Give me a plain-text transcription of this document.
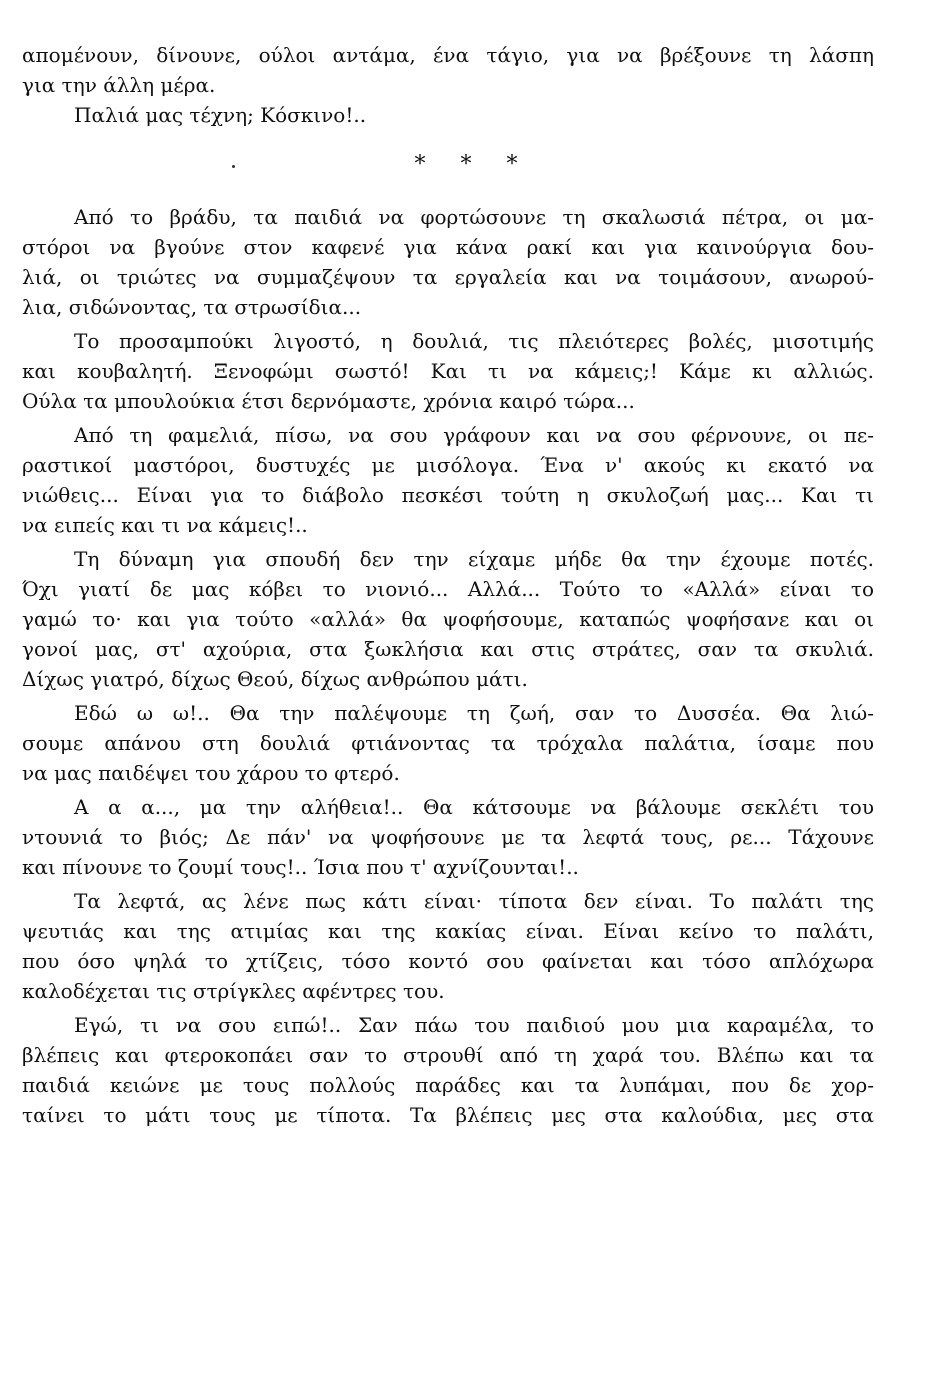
απομένουν, δίνουνε, ούλοι αντάμα, ένα τάγιο, για να βρέξουνε τη λάσπη
για την άλλη μέρα.
Παλιά μας τέχνη; Κόσκινο!..
* * *
Από το βράδυ, τα παιδιά να φορτώσουνε τη σκαλωσιά πέτρα, οι μα-
στόροι να βγούνε στον καφενέ για κάνα ρακί και για καινούργια δου-
λιά, οι τριώτες να συμμαζέψουν τα εργαλεία και να τοιμάσουν, ανωρού-
λια, σιδώνοντας, τα στρωσίδια...
Το προσαμπούκι λιγοστό, η δουλιά, τις πλειότερες βολές, μισοτιμής
και κουβαλητή. Ξενοφώμι σωστό! Και τι να κάμεις;! Κάμε κι αλλιώς.
Ούλα τα μπουλούκια έτσι δερνόμαστε, χρόνια καιρό τώρα...
Από τη φαμελιά, πίσω, να σου γράφουν και να σου φέρνουνε, οι πε-
ραστικοί μαστόροι, δυστυχές με μισόλογα. Ένα ν' ακούς κι εκατό να
νιώθεις... Είναι για το διάβολο πεσκέσι τούτη η σκυλοζωή μας... Και τι
να ειπείς και τι να κάμεις!..
Τη δύναμη για σπουδή δεν την είχαμε μήδε θα την έχουμε ποτές.
Όχι γιατί δε μας κόβει το νιονιό... Αλλά... Τούτο το «Αλλά» είναι το
γαμώ το· και για τούτο «αλλά» θα ψοφήσουμε, καταπώς ψοφήσανε και οι
γονοί μας, στ' αχούρια, στα ξωκλήσια και στις στράτες, σαν τα σκυλιά.
Δίχως γιατρό, δίχως Θεού, δίχως ανθρώπου μάτι.
Εδώ ω ω!.. Θα την παλέψουμε τη ζωή, σαν το Δυσσέα. Θα λιώ-
σουμε απάνου στη δουλιά φτιάνοντας τα τρόχαλα παλάτια, ίσαμε που
να μας παιδέψει του χάρου το φτερό.
Α α α..., μα την αλήθεια!.. Θα κάτσουμε να βάλουμε σεκλέτι του
ντουνιά το βιός; Δε πάν' να ψοφήσουνε με τα λεφτά τους, ρε... Τάχουνε
και πίνουνε το ζουμί τους!.. Ίσια που τ' αχνίζουνται!..
Τα λεφτά, ας λένε πως κάτι είναι· τίποτα δεν είναι. Το παλάτι της
ψευτιάς και της ατιμίας και της κακίας είναι. Είναι κείνο το παλάτι,
που όσο ψηλά το χτίζεις, τόσο κοντό σου φαίνεται και τόσο απλόχωρα
καλοδέχεται τις στρίγκλες αφέντρες του.
Εγώ, τι να σου ειπώ!.. Σαν πάω του παιδιού μου μια καραμέλα, το
βλέπεις και φτεροκοπάει σαν το στρουθί από τη χαρά του. Βλέπω και τα
παιδιά κειώνε με τους πολλούς παράδες και τα λυπάμαι, που δε χορ-
ταίνει το μάτι τους με τίποτα. Τα βλέπεις μες στα καλούδια, μες στα
